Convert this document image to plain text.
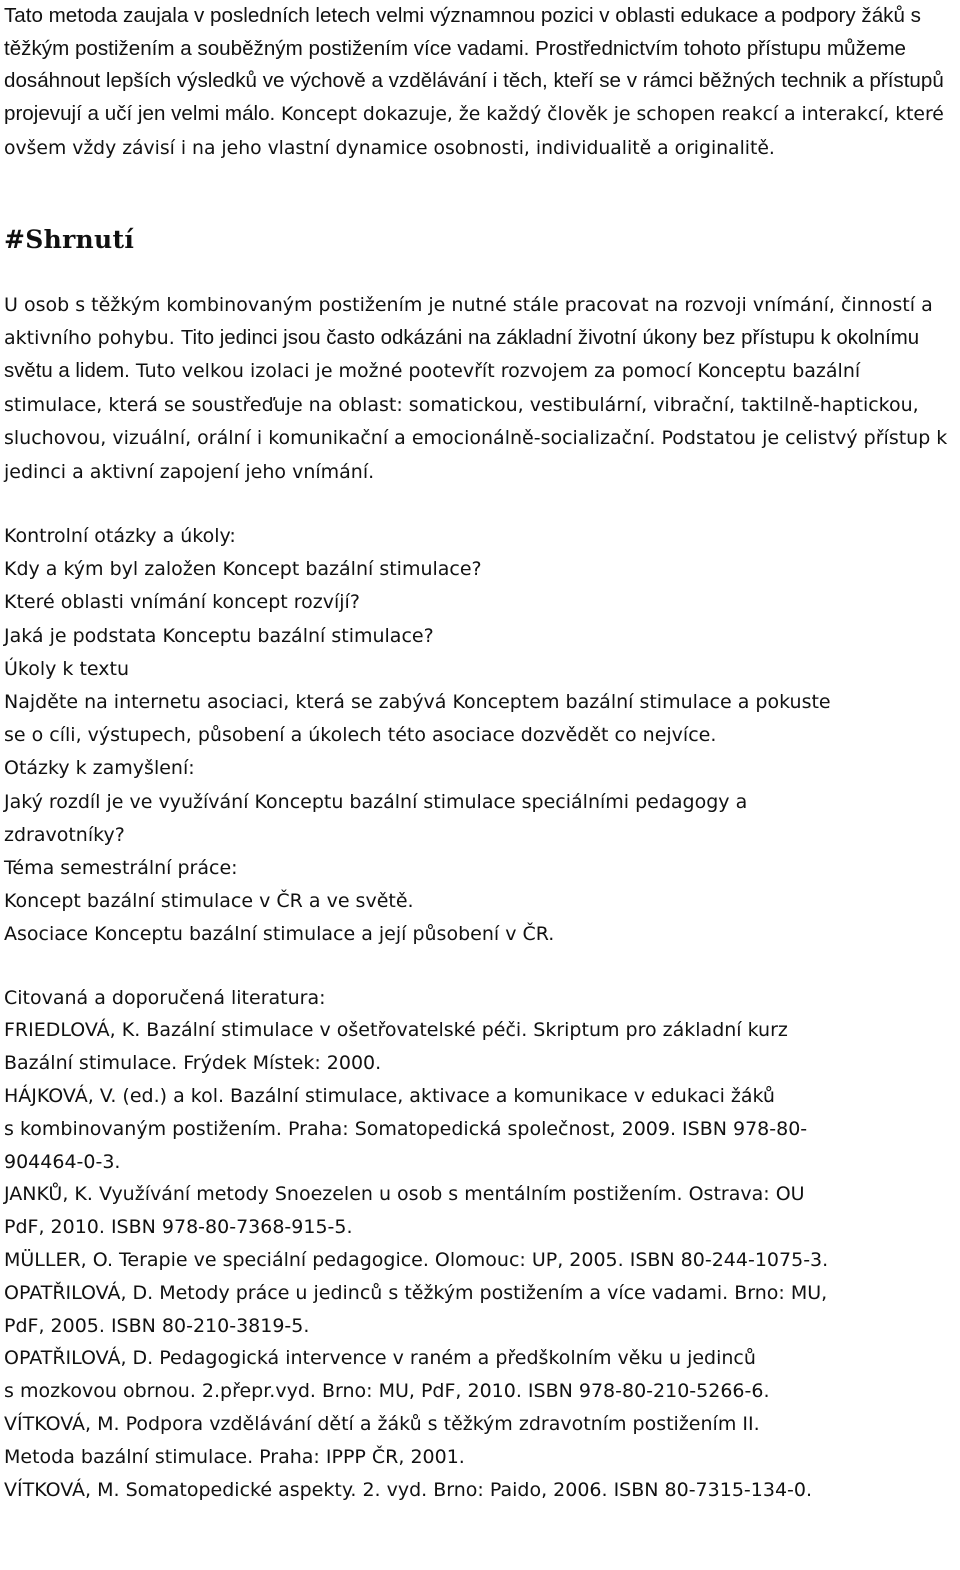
Tato metoda zaujala v posledních letech velmi významnou pozici v oblasti edukace a podpory žáků s těžkým postižením a souběžným postižením více vadami. Prostřednictvím tohoto přístupu můžeme dosáhnout lepších výsledků ve výchově a vzdělávání i těch, kteří se v rámci běžných technik a přístupů projevují a učí jen velmi málo. Koncept dokazuje, že každý člověk je schopen reakcí a interakcí, které ovšem vždy závisí i na jeho vlastní dynamice osobnosti, individualitě a originalitě.

#Shrnutí

U osob s těžkým kombinovaným postižením je nutné stále pracovat na rozvoji vnímání, činností a aktivního pohybu. Tito jedinci jsou často odkázáni na základní životní úkony bez přístupu k okolnímu světu a lidem. Tuto velkou izolaci je možné pootevřít rozvojem za pomocí Konceptu bazální stimulace, která se soustřeďuje na oblast: somatickou, vestibulární, vibrační, taktilně-haptickou, sluchovou, vizuální, orální i komunikační a emocionálně-socializační. Podstatou je celistvý přístup k jedinci a aktivní zapojení jeho vnímání.

Kontrolní otázky a úkoly:
Kdy a kým byl založen Koncept bazální stimulace?
Které oblasti vnímání koncept rozvíjí?
Jaká je podstata Konceptu bazální stimulace?
Úkoly k textu
Najděte na internetu asociaci, která se zabývá Konceptem bazální stimulace a pokuste
se o cíli, výstupech, působení a úkolech této asociace dozvědět co nejvíce.
Otázky k zamyšlení:
Jaký rozdíl je ve využívání Konceptu bazální stimulace speciálními pedagogy a
zdravotníky?
Téma semestrální práce:
Koncept bazální stimulace v ČR a ve světě.
Asociace Konceptu bazální stimulace a její působení v ČR.
Citovaná a doporučená literatura:
FRIEDLOVÁ, K. Bazální stimulace v ošetřovatelské péči. Skriptum pro základní kurz
Bazální stimulace. Frýdek Místek: 2000.
HÁJKOVÁ, V. (ed.) a kol. Bazální stimulace, aktivace a komunikace v edukaci žáků
s kombinovaným postižením. Praha: Somatopedická společnost, 2009. ISBN 978-80-
904464-0-3.
JANKŮ, K. Využívání metody Snoezelen u osob s mentálním postižením. Ostrava: OU
PdF, 2010. ISBN 978-80-7368-915-5.
MÜLLER, O. Terapie ve speciální pedagogice. Olomouc: UP, 2005. ISBN 80-244-1075-3.
OPATŘILOVÁ, D. Metody práce u jedinců s těžkým postižením a více vadami. Brno: MU,
PdF, 2005. ISBN 80-210-3819-5.
OPATŘILOVÁ, D. Pedagogická intervence v raném a předškolním věku u jedinců
s mozkovou obrnou. 2.přepr.vyd. Brno: MU, PdF, 2010. ISBN 978-80-210-5266-6.
VÍTKOVÁ, M. Podpora vzdělávání dětí a žáků s těžkým zdravotním postižením II.
Metoda bazální stimulace. Praha: IPPP ČR, 2001.
VÍTKOVÁ, M. Somatopedické aspekty. 2. vyd. Brno: Paido, 2006. ISBN 80-7315-134-0.
